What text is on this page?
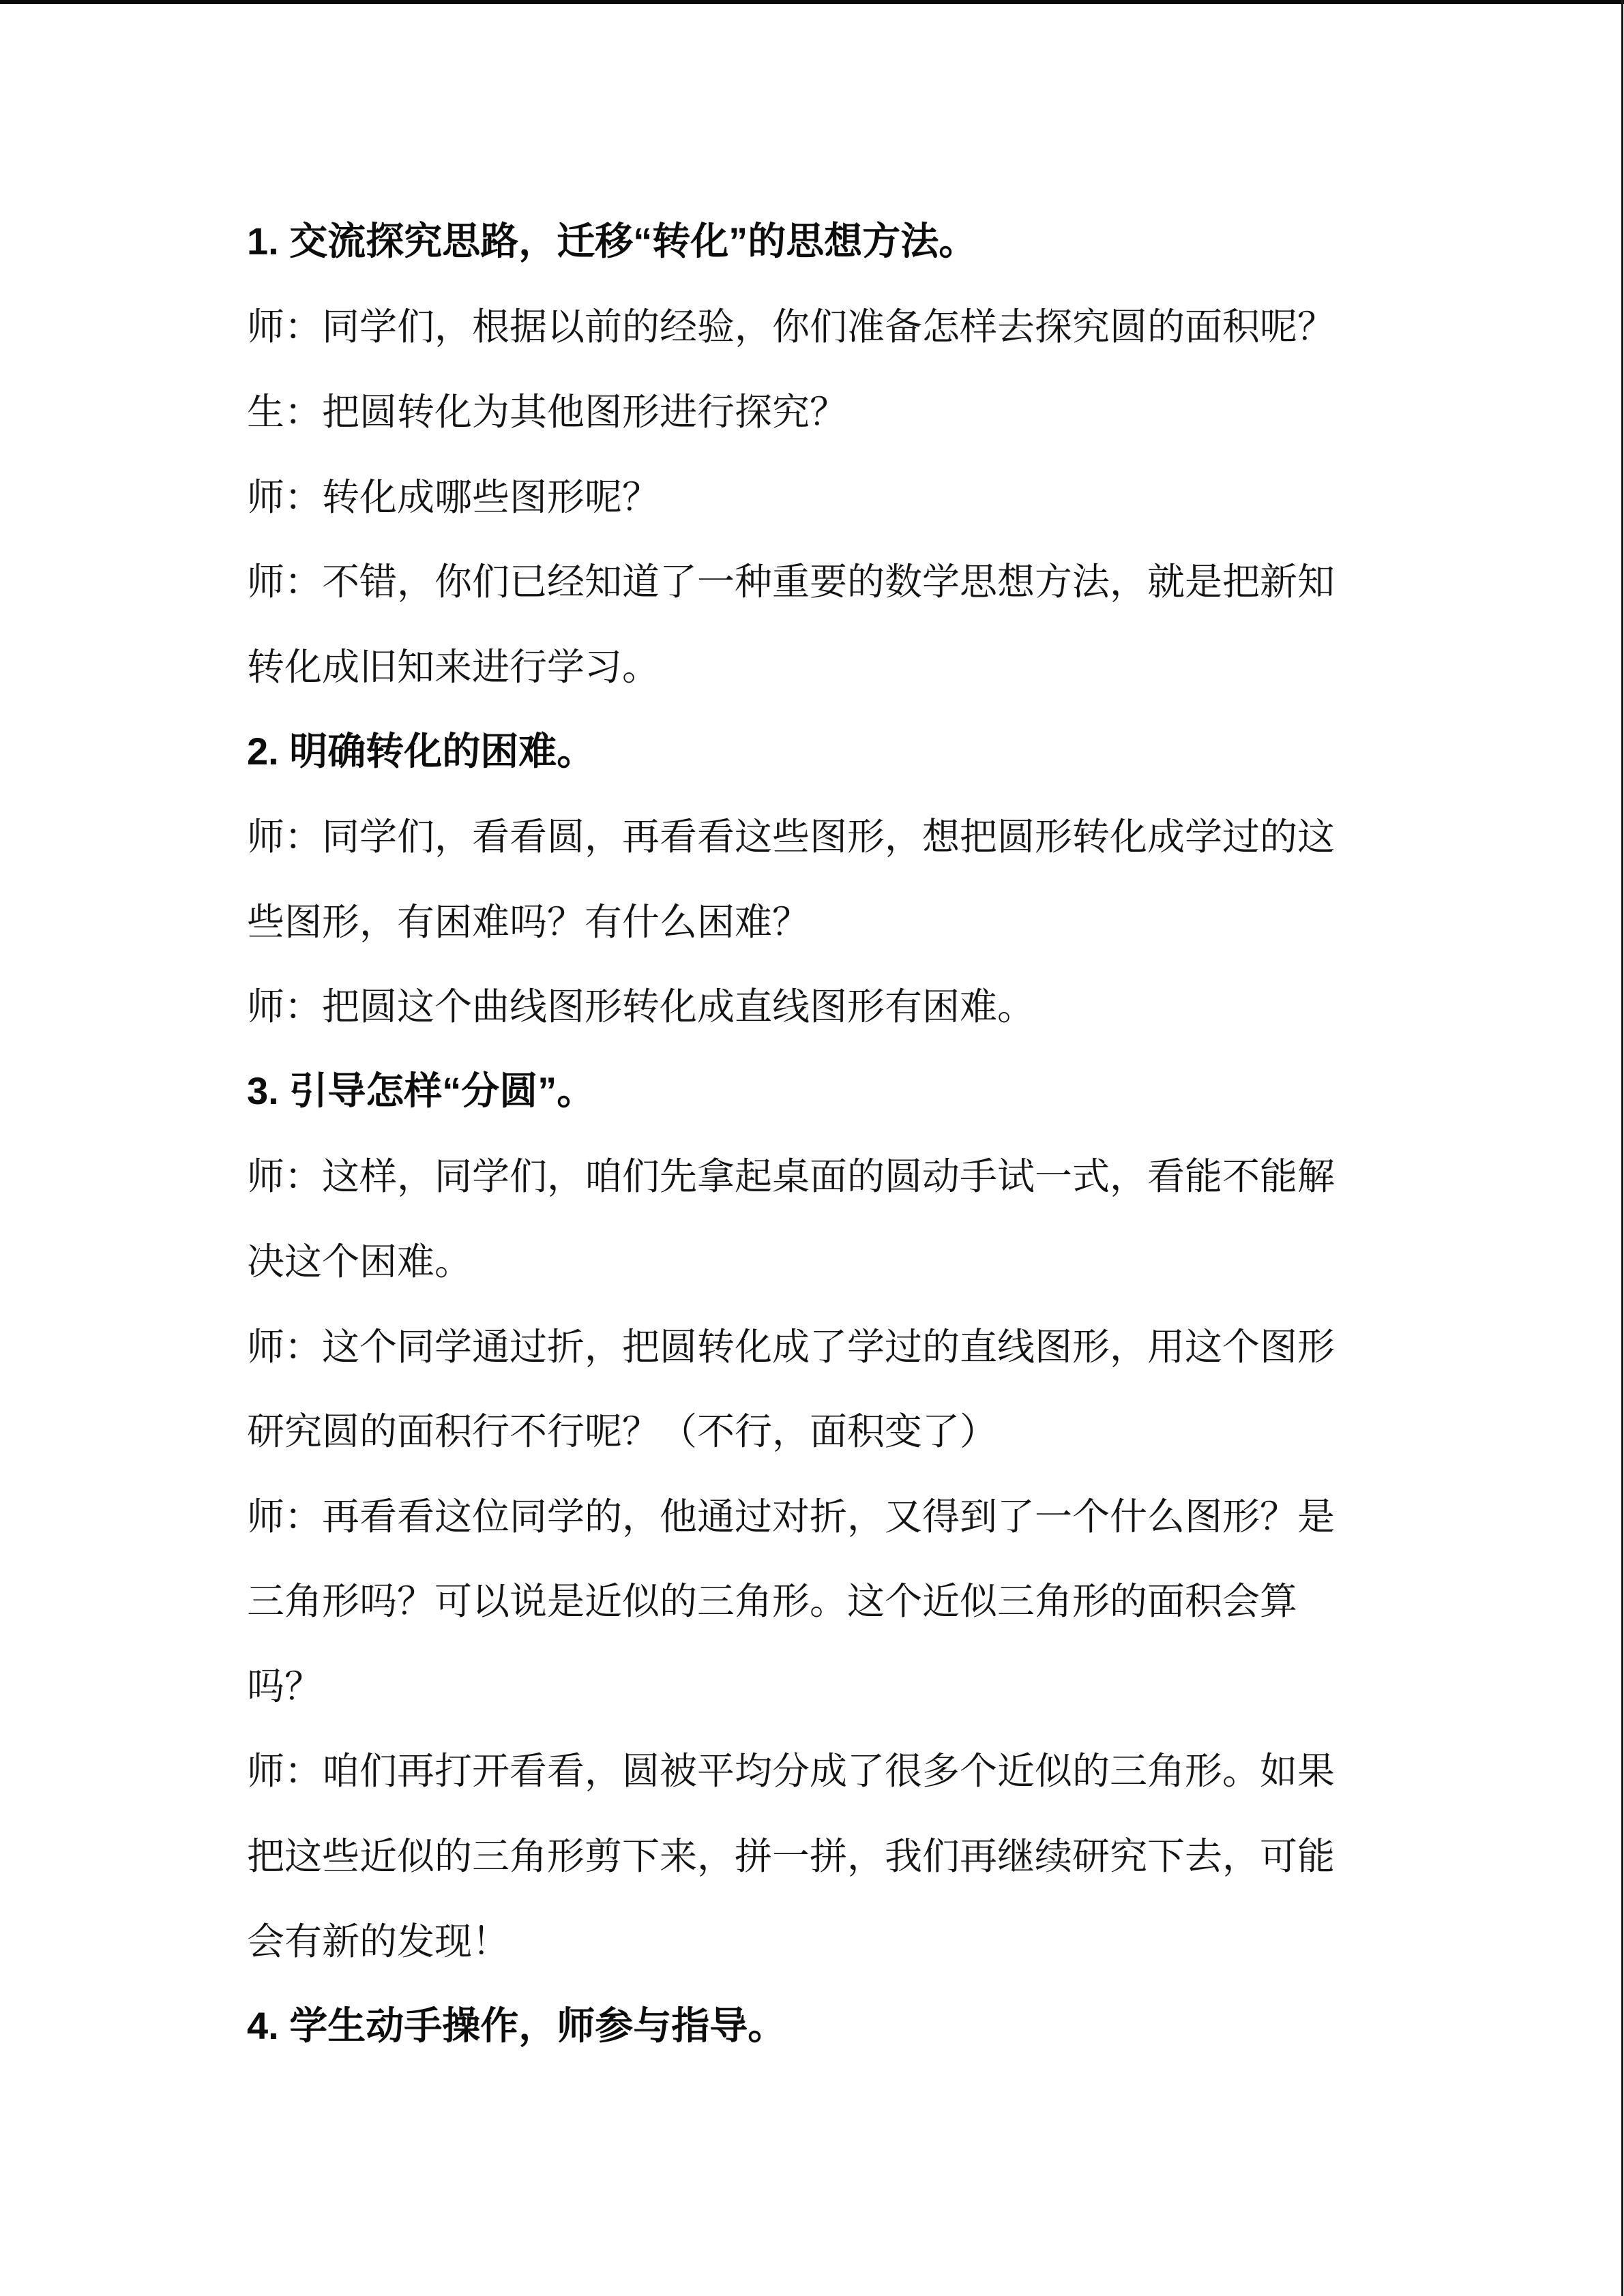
1. 交流探究思路，迁移“转化”的思想方法。
师：同学们，根据以前的经验，你们准备怎样去探究圆的面积呢？
生：把圆转化为其他图形进行探究？
师：转化成哪些图形呢？
师：不错，你们已经知道了一种重要的数学思想方法，就是把新知
转化成旧知来进行学习。
2. 明确转化的困难。
师：同学们，看看圆，再看看这些图形，想把圆形转化成学过的这
些图形，有困难吗？有什么困难？
师：把圆这个曲线图形转化成直线图形有困难。
3. 引导怎样“分圆”。
师：这样，同学们，咱们先拿起桌面的圆动手试一式，看能不能解
决这个困难。
师：这个同学通过折，把圆转化成了学过的直线图形，用这个图形
研究圆的面积行不行呢？（不行，面积变了）
师：再看看这位同学的，他通过对折，又得到了一个什么图形？是
三角形吗？可以说是近似的三角形。这个近似三角形的面积会算
吗？
师：咱们再打开看看，圆被平均分成了很多个近似的三角形。如果
把这些近似的三角形剪下来，拼一拼，我们再继续研究下去，可能
会有新的发现！
4. 学生动手操作，师参与指导。
